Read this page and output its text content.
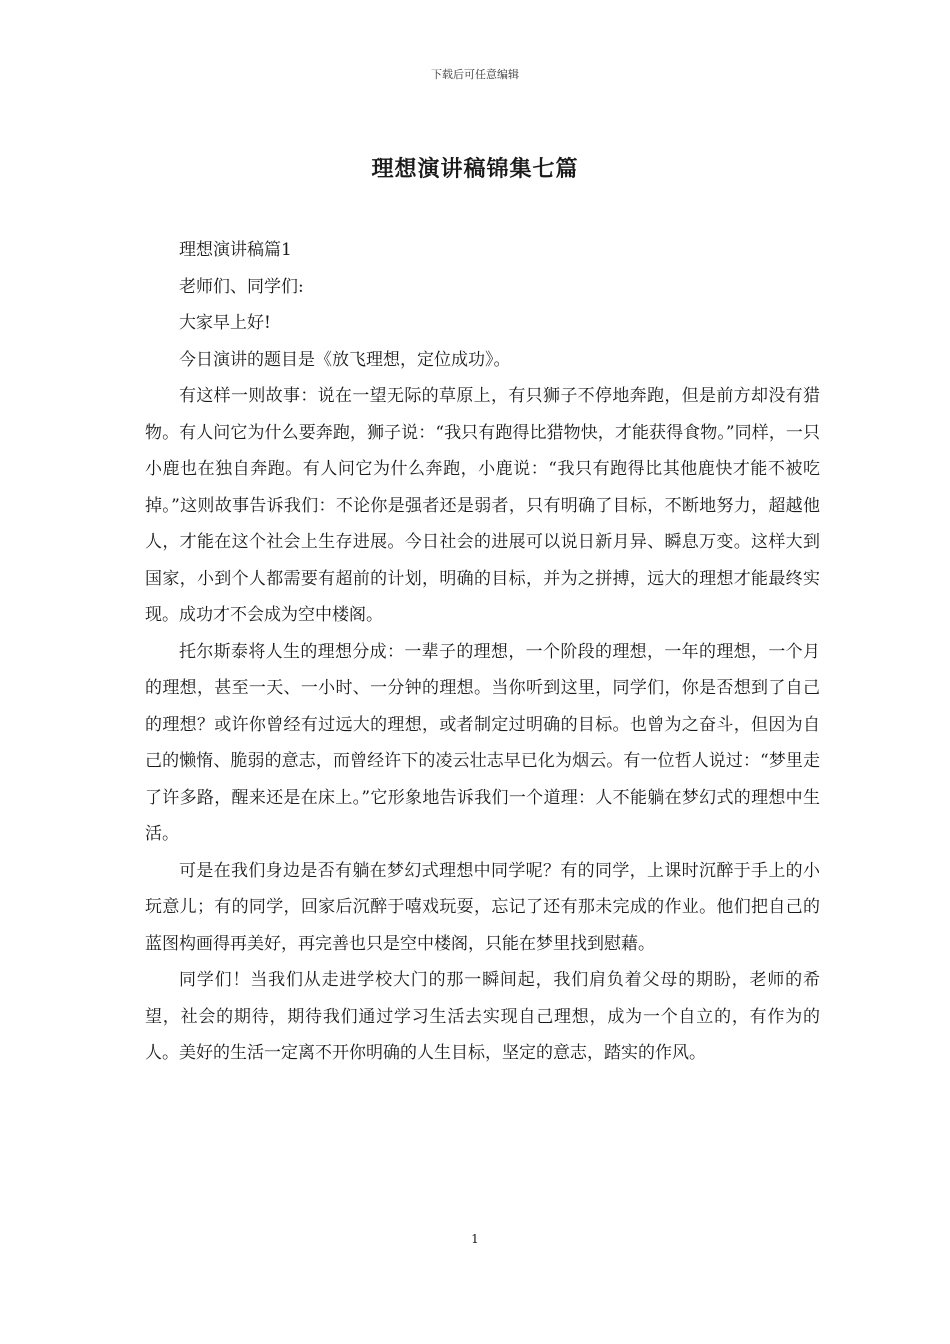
下载后可任意编辑
理想演讲稿锦集七篇

理想演讲稿篇1

老师们、同学们:

大家早上好!

今日演讲的题目是《放飞理想，定位成功》。

有这样一则故事：说在一望无际的草原上，有只狮子不停地奔跑，但是前方却没有猎物。有人问它为什么要奔跑，狮子说：“我只有跑得比猎物快，才能获得食物。”同样，一只小鹿也在独自奔跑。有人问它为什么奔跑，小鹿说：“我只有跑得比其他鹿快才能不被吃掉。”这则故事告诉我们：不论你是强者还是弱者，只有明确了目标，不断地努力，超越他人，才能在这个社会上生存进展。今日社会的进展可以说日新月异、瞬息万变。这样大到国家，小到个人都需要有超前的计划，明确的目标，并为之拼搏，远大的理想才能最终实现。成功才不会成为空中楼阁。

托尔斯泰将人生的理想分成：一辈子的理想，一个阶段的理想，一年的理想，一个月的理想，甚至一天、一小时、一分钟的理想。当你听到这里，同学们，你是否想到了自己的理想？或许你曾经有过远大的理想，或者制定过明确的目标。也曾为之奋斗，但因为自己的懒惰、脆弱的意志，而曾经许下的凌云壮志早已化为烟云。有一位哲人说过：“梦里走了许多路，醒来还是在床上。”它形象地告诉我们一个道理：人不能躺在梦幻式的理想中生活。

可是在我们身边是否有躺在梦幻式理想中同学呢？有的同学，上课时沉醉于手上的小玩意儿；有的同学，回家后沉醉于嘻戏玩耍，忘记了还有那未完成的作业。他们把自己的蓝图构画得再美好，再完善也只是空中楼阁，只能在梦里找到慰藉。

同学们！当我们从走进学校大门的那一瞬间起，我们肩负着父母的期盼，老师的希望，社会的期待，期待我们通过学习生活去实现自己理想，成为一个自立的，有作为的人。美好的生活一定离不开你明确的人生目标，坚定的意志，踏实的作风。

1
